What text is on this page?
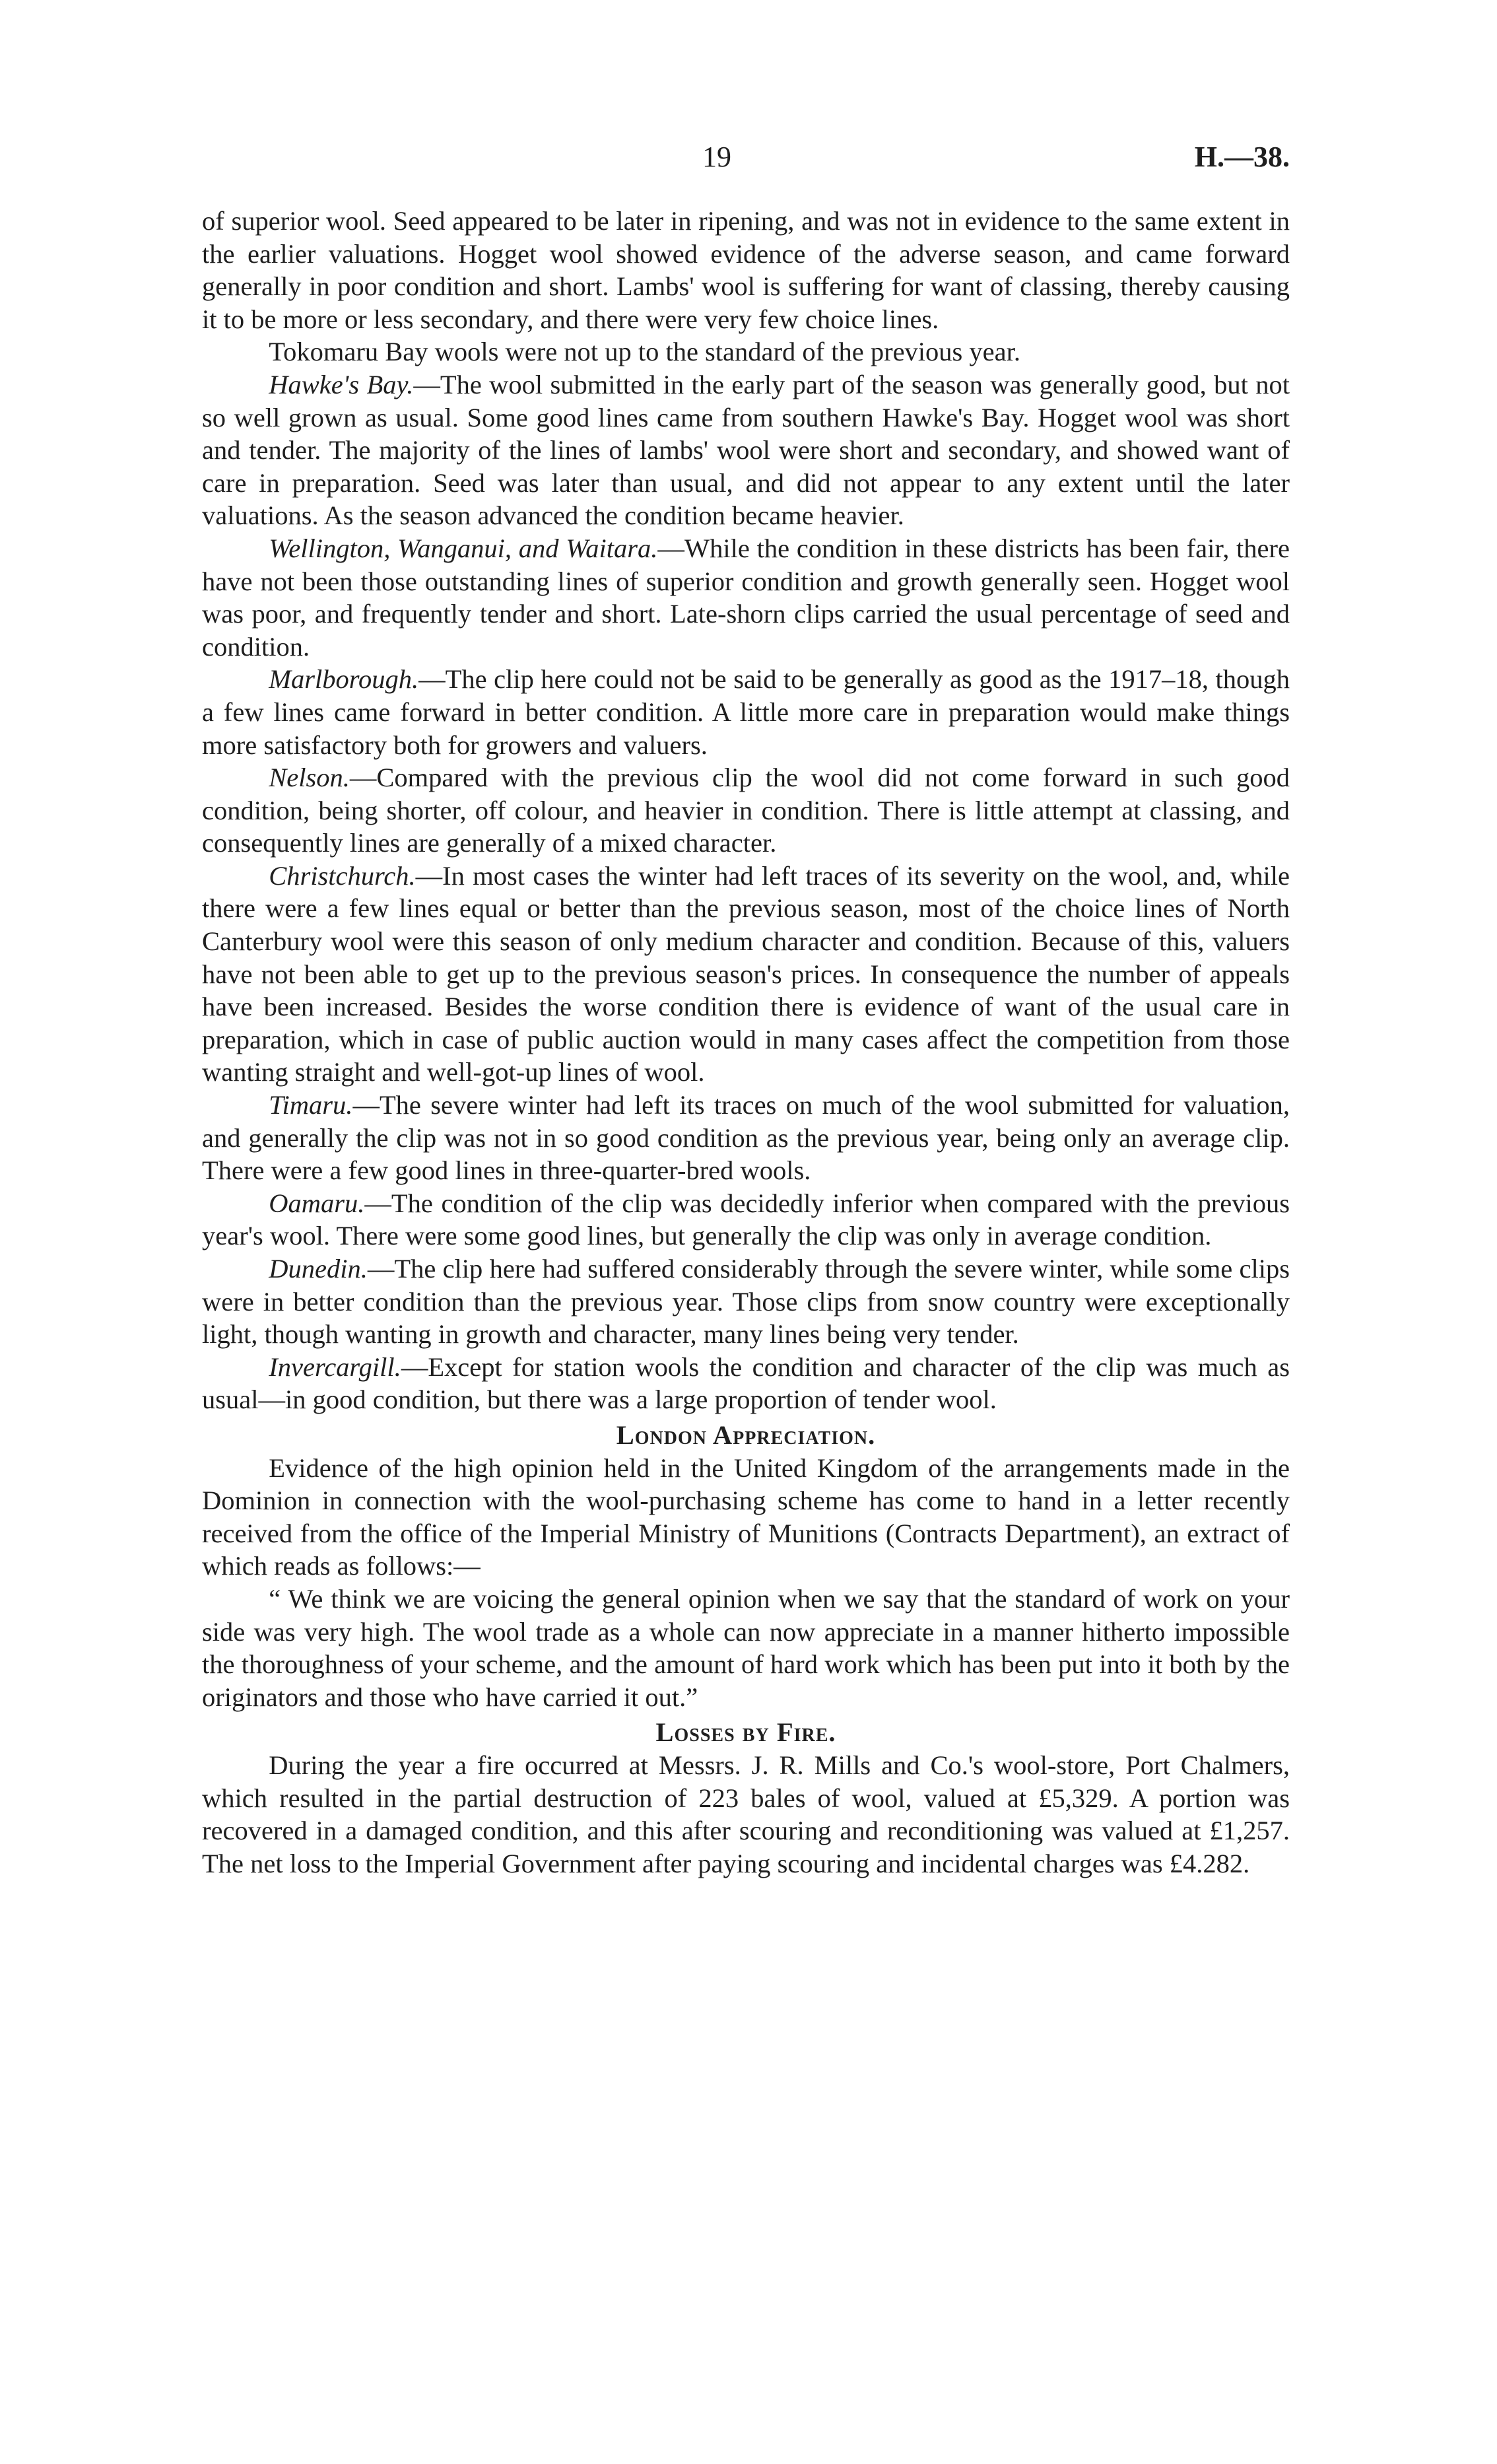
19	H.—38.

of superior wool. Seed appeared to be later in ripening, and was not in evidence to the same extent in the earlier valuations. Hogget wool showed evidence of the adverse season, and came forward generally in poor condition and short. Lambs' wool is suffering for want of classing, thereby causing it to be more or less secondary, and there were very few choice lines.

Tokomaru Bay wools were not up to the standard of the previous year.

Hawke's Bay.—The wool submitted in the early part of the season was generally good, but not so well grown as usual. Some good lines came from southern Hawke's Bay. Hogget wool was short and tender. The majority of the lines of lambs' wool were short and secondary, and showed want of care in preparation. Seed was later than usual, and did not appear to any extent until the later valuations. As the season advanced the condition became heavier.

Wellington, Wanganui, and Waitara.—While the condition in these districts has been fair, there have not been those outstanding lines of superior condition and growth generally seen. Hogget wool was poor, and frequently tender and short. Late-shorn clips carried the usual percentage of seed and condition.

Marlborough.—The clip here could not be said to be generally as good as the 1917–18, though a few lines came forward in better condition. A little more care in preparation would make things more satisfactory both for growers and valuers.

Nelson.—Compared with the previous clip the wool did not come forward in such good condition, being shorter, off colour, and heavier in condition. There is little attempt at classing, and consequently lines are generally of a mixed character.

Christchurch.—In most cases the winter had left traces of its severity on the wool, and, while there were a few lines equal or better than the previous season, most of the choice lines of North Canterbury wool were this season of only medium character and condition. Because of this, valuers have not been able to get up to the previous season's prices. In consequence the number of appeals have been increased. Besides the worse condition there is evidence of want of the usual care in preparation, which in case of public auction would in many cases affect the competition from those wanting straight and well-got-up lines of wool.

Timaru.—The severe winter had left its traces on much of the wool submitted for valuation, and generally the clip was not in so good condition as the previous year, being only an average clip. There were a few good lines in three-quarter-bred wools.

Oamaru.—The condition of the clip was decidedly inferior when compared with the previous year's wool. There were some good lines, but generally the clip was only in average condition.

Dunedin.—The clip here had suffered considerably through the severe winter, while some clips were in better condition than the previous year. Those clips from snow country were exceptionally light, though wanting in growth and character, many lines being very tender.

Invercargill.—Except for station wools the condition and character of the clip was much as usual—in good condition, but there was a large proportion of tender wool.

London Appreciation.

Evidence of the high opinion held in the United Kingdom of the arrangements made in the Dominion in connection with the wool-purchasing scheme has come to hand in a letter recently received from the office of the Imperial Ministry of Munitions (Contracts Department), an extract of which reads as follows:—

“ We think we are voicing the general opinion when we say that the standard of work on your side was very high. The wool trade as a whole can now appreciate in a manner hitherto impossible the thoroughness of your scheme, and the amount of hard work which has been put into it both by the originators and those who have carried it out.”

Losses by Fire.

During the year a fire occurred at Messrs. J. R. Mills and Co.'s wool-store, Port Chalmers, which resulted in the partial destruction of 223 bales of wool, valued at £5,329. A portion was recovered in a damaged condition, and this after scouring and reconditioning was valued at £1,257. The net loss to the Imperial Government after paying scouring and incidental charges was £4.282.
